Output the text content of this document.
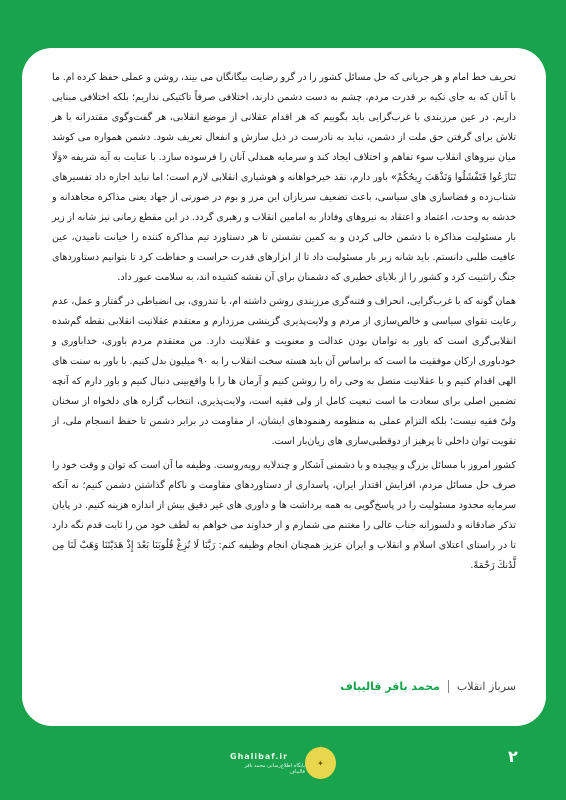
تحریف خط امام و هر جریانی که حل مسائل کشور را در گرو رضایت بیگانگان می بیند، روشن و عملی حفظ کرده ام. ما با آنان که به جای تکیه بر قدرت مردم، چشم به دست دشمن دارند، اختلافی صرفاً تاکتیکی نداریم؛ بلکه اختلافی مبنایی داریم. در عین مرزبندی با غرب‌گرایی باید بگوییم که هر اقدام عقلانی از موضع انقلابی، هر گفت‌وگوی مقتدرانه با هر تلاش برای گرفتن حق ملت از دشمن، نباید به نادرست در ذیل سازش و انفعال تعریف شود. دشمن همواره می کوشد میان نیروهای انقلاب سوء تفاهم و اختلاف ایجاد کند و سرمایه همدلی آنان را فرسوده سازد. با عنایت به آیه شریفه «وَلَا تَنَازَعُوا فَتَفْشَلُوا وَتَذْهَبَ رِيحُكُمْ» باور دارم، نقد خیرخواهانه و هوشیاری انقلابی لازم است؛ اما نباید اجازه داد تفسیرهای شتاب‌زده و فضاسازی های سیاسی، باعث تضعیف سربازان این مرز و بوم در صورتی از جهاد یعنی مذاکره مجاهدانه و خدشه به وحدت، اعتماد و اعتقاد به نیروهای وفادار به امامین انقلاب و رهبری گردد. در این مقطع زمانی نیز شانه از زیر بار مسئولیت مذاکره با دشمن خالی کردن و به کمین نشستن تا هر دستاورد تیم مذاکره کننده را خیانت نامیدن، عین عافیت طلبی دانستم. باید شانه زیر بار مسئولیت داد تا از ابزارهای قدرت حراست و حفاظت کرد تا بتوانیم دستاوردهای جنگ راتثبیت کرد و کشور را از بلایای خطیری که دشمنان برای آن نقشه کشیده اند، به سلامت عبور داد.

همان گونه که با غرب‌گرایی، انحراف و فتنه‌گری مرزبندی روشن داشته ام، با تندروی، بی انضباطی در گفتار و عمل، عدم رعایت تقوای سیاسی و خالص‌سازی از مردم و ولایت‌پذیری گزینشی مرزدارم و معتقدم عقلانیت انقلابی نقطه گم‌شده انقلابی‌گری است که باور به توامان بودن عدالت و معنویت و عقلانیت دارد. من معتقدم مردم باوری، خداباوری و خودباوری ارکان موفقیت ما است که براساس آن باید هسته سخت انقلاب را به ۹۰ میلیون بدل کنیم. با باور به سنت های الهی اقدام کنیم و با عقلانیت متصل به وحی راه را روشن کنیم و آرمان ها را با واقع‌بینی دنبال کنیم و باور دارم که آنچه تضمین اصلی برای سعادت ما است تبعیت کامل از ولی فقیه است، ولایت‌پذیری، انتخاب گزاره های دلخواه از سخنان ولیّ فقیه نیست؛ بلکه التزام عملی به منظومه رهنمودهای ایشان، از مقاومت در برابر دشمن تا حفظ انسجام ملی، از تقویت توان داخلی تا پرهیز از دوقطبی‌سازی های زیان‌بار است.

کشور امروز با مسائل بزرگ و پیچیده و با دشمنی آشکار و چندلایه روبه‌روست. وظیفه ما آن است که توان و وقت خود را صرف حل مسائل مردم، افزایش اقتدار ایران، پاسداری از دستاوردهای مقاومت و ناکام گذاشتن دشمن کنیم؛ نه آنکه سرمایه محدود مسئولیت را در پاسخ‌گویی به همه برداشت ها و داوری های غیر دقیق بیش از اندازه هزینه کنیم. در پایان تذکر صادقانه و دلسوزانه جناب عالی را مغتنم می شمارم و از خداوند می خواهم به لطف خود من را ثابت قدم نگه دارد تا در راستای اعتلای اسلام و انقلاب و ایران عزیز همچنان انجام وظیفه کنم: رَبَّنَا لَا تُزِغْ قُلُوبَنَا بَعْدَ إِذْ هَدَيْتَنَا وَهَبْ لَنَا مِن لَّدُنكَ رَحْمَةً.

سرباز انقلاب
محمد باقر قالیباف
Ghalibaf.ir
پایگاه اطلاع‌رسانی محمد باقر قالیباف
✦	۲
